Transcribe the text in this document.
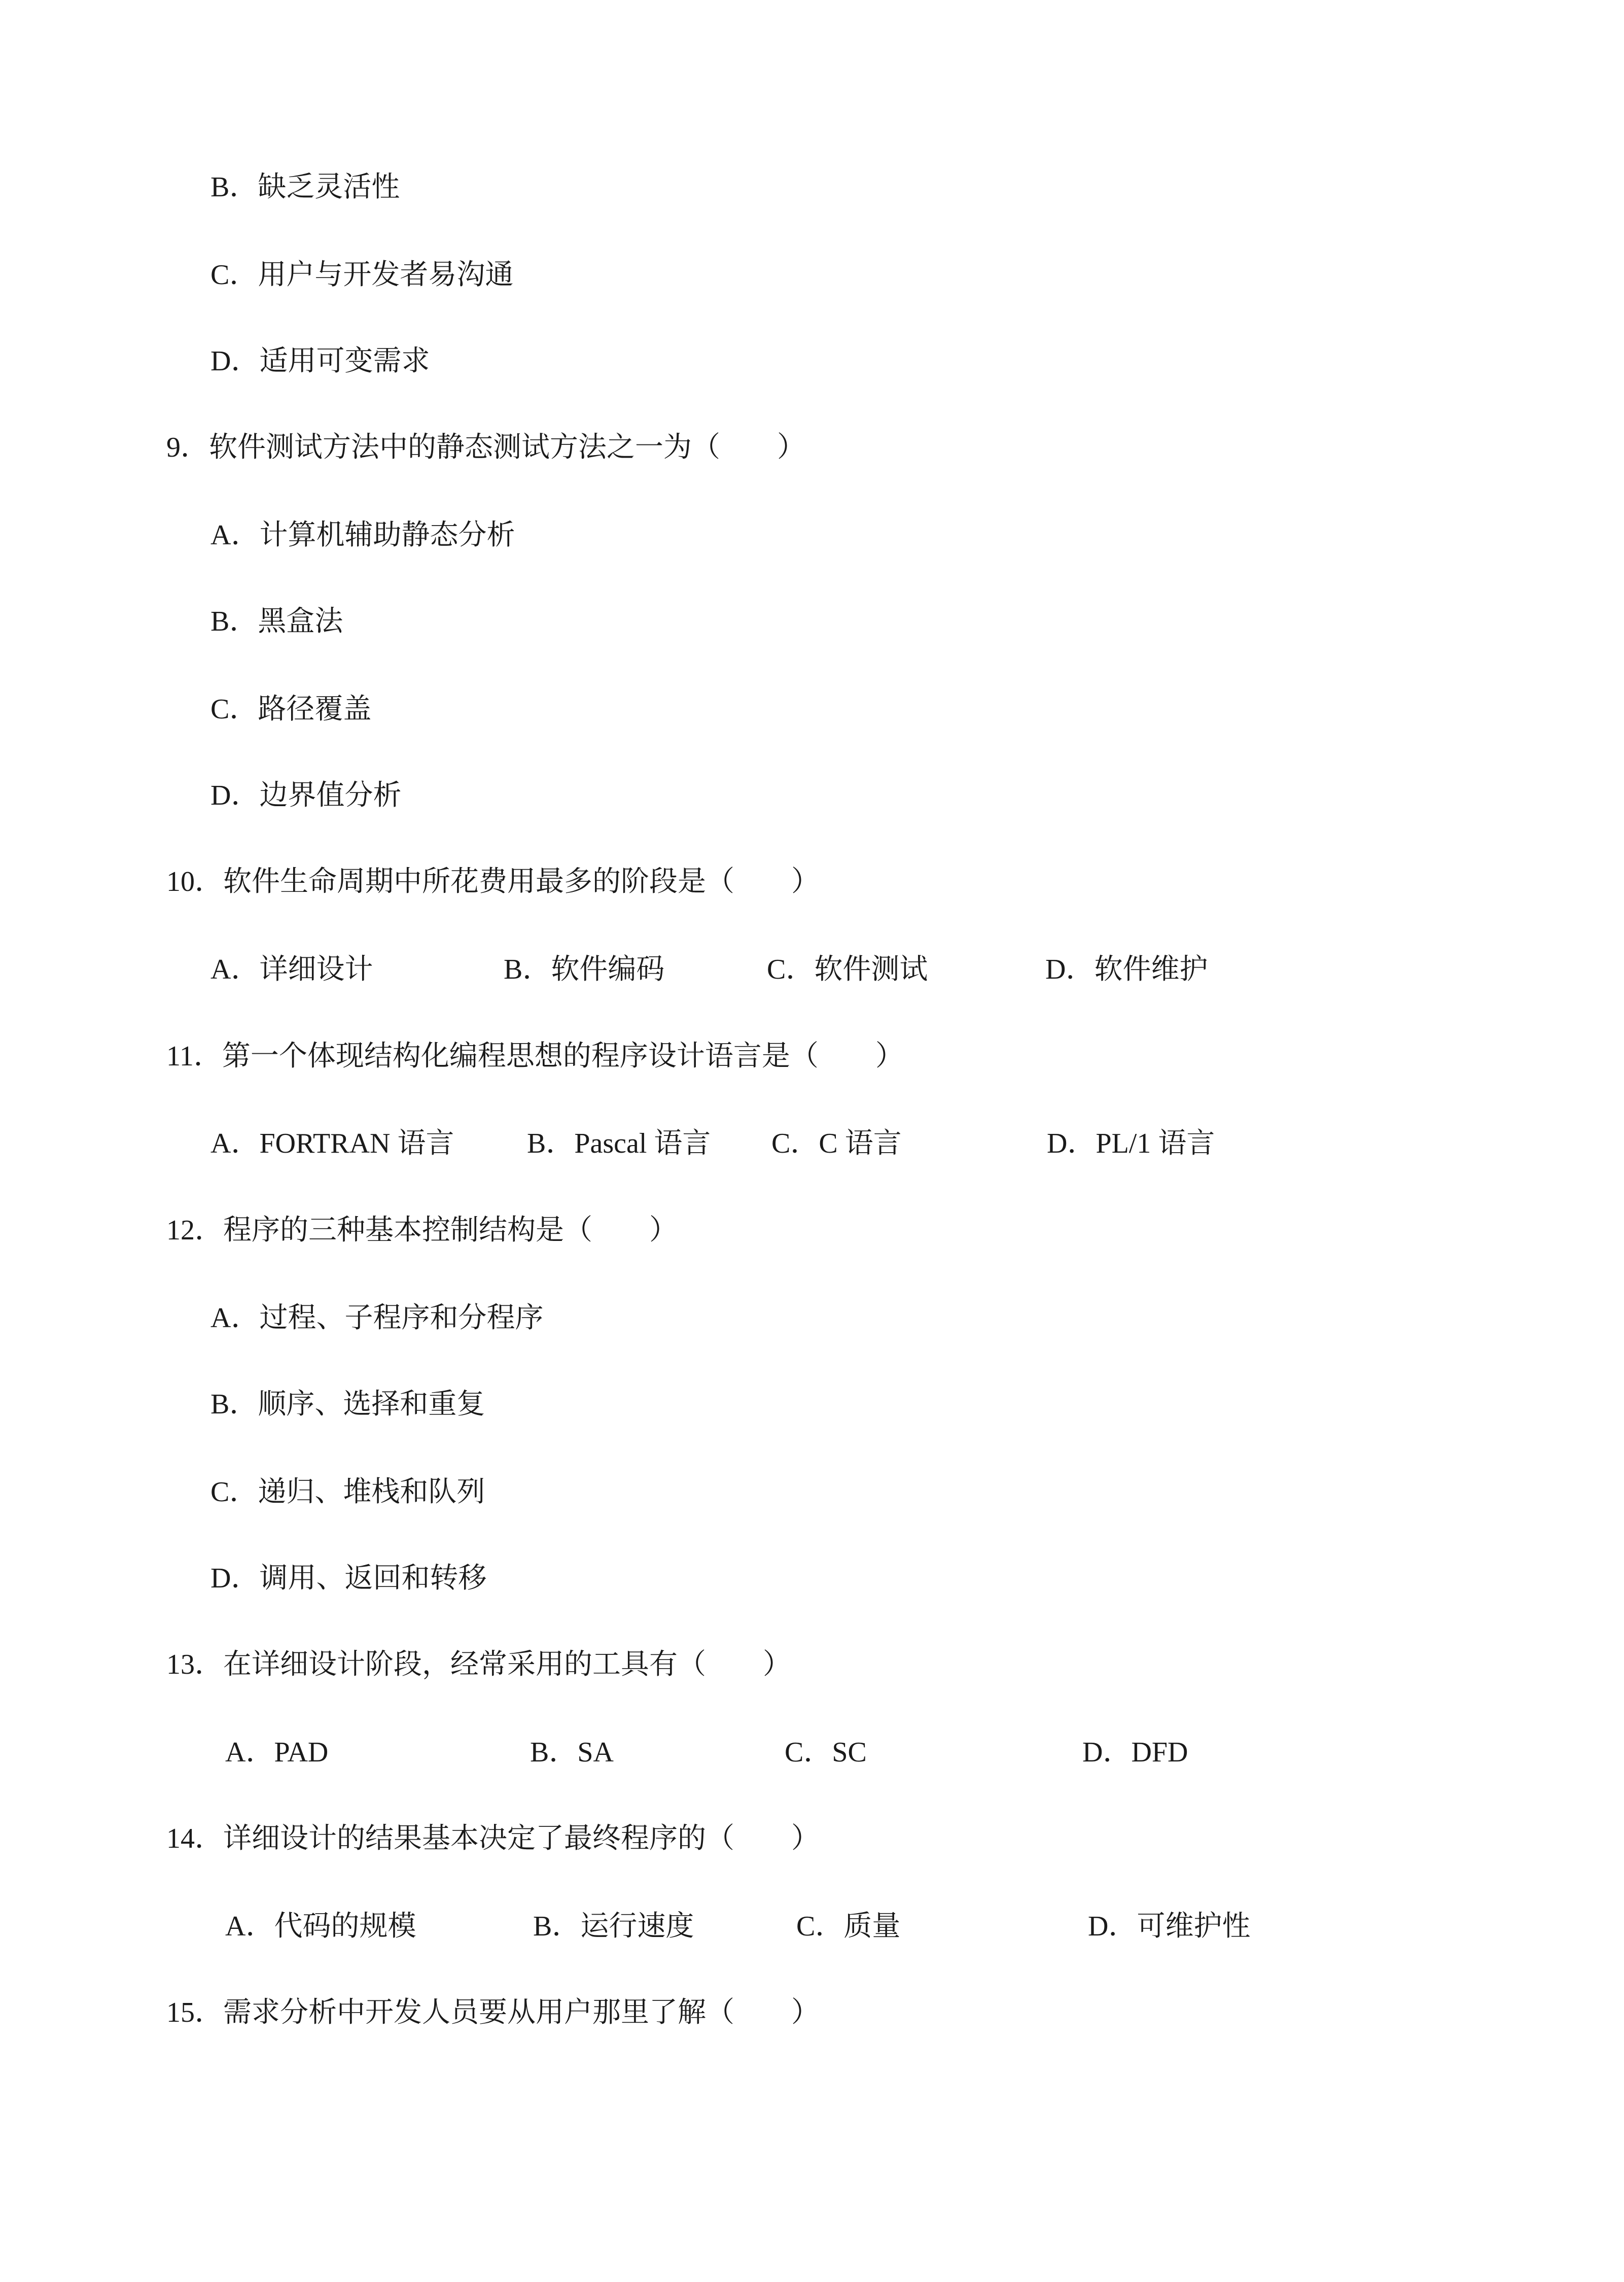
B．缺乏灵活性
C．用户与开发者易沟通
D．适用可变需求
9．软件测试方法中的静态测试方法之一为（　　）
A．计算机辅助静态分析
B．黑盒法
C．路径覆盖
D．边界值分析
10．软件生命周期中所花费用最多的阶段是（　　）
A．详细设计	B．软件编码	C．软件测试	D．软件维护
11．第一个体现结构化编程思想的程序设计语言是（　　）
A．FORTRAN 语言	B．Pascal 语言 C．C 语言	D．PL/1 语言
12．程序的三种基本控制结构是（　　）
A．过程、子程序和分程序
B．顺序、选择和重复
C．递归、堆栈和队列
D．调用、返回和转移
13．在详细设计阶段，经常采用的工具有（　　）
A．PAD	B．SA	C．SC	D．DFD
14．详细设计的结果基本决定了最终程序的（　　）
A．代码的规模	B．运行速度	C．质量	D．可维护性
15．需求分析中开发人员要从用户那里了解（　　）
